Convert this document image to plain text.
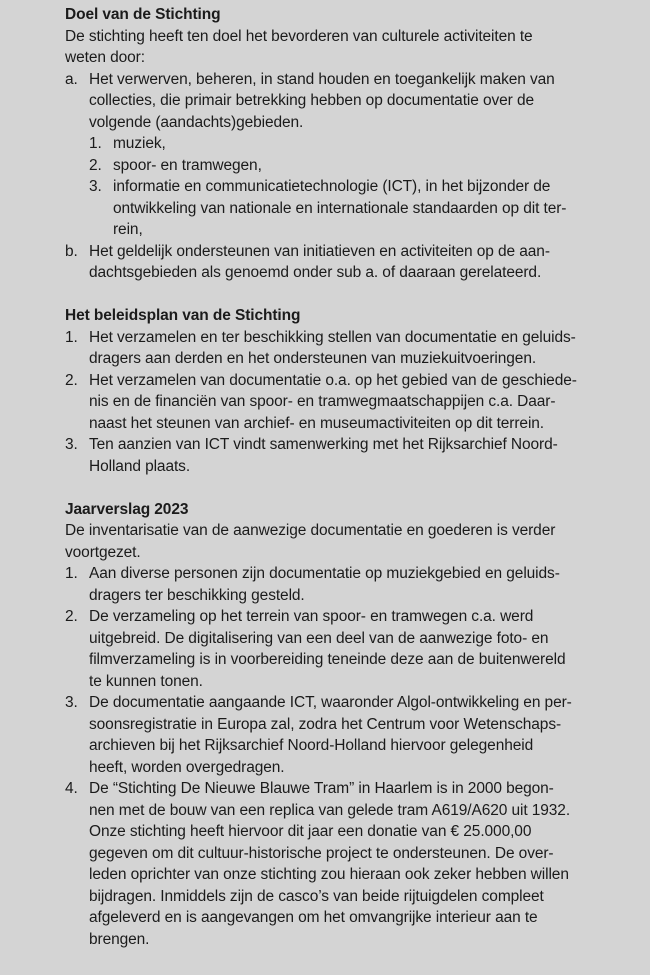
Doel van de Stichting
De stichting heeft ten doel het bevorderen van culturele activiteiten te
weten door:
a. Het verwerven, beheren, in stand houden en toegankelijk maken van
collecties, die primair betrekking hebben op documentatie over de
volgende (aandachts)gebieden.
1. muziek,
2. spoor- en tramwegen,
3. informatie en communicatietechnologie (ICT), in het bijzonder de
ontwikkeling van nationale en internationale standaarden op dit ter-
rein,
b. Het geldelijk ondersteunen van initiatieven en activiteiten op de aan-
dachtsgebieden als genoemd onder sub a. of daaraan gerelateerd.
Het beleidsplan van de Stichting
1. Het verzamelen en ter beschikking stellen van documentatie en geluids-
dragers aan derden en het ondersteunen van muziekuitvoeringen.
2. Het verzamelen van documentatie o.a. op het gebied van de geschiede-
nis en de financiën van spoor- en tramwegmaatschappijen c.a. Daar-
naast het steunen van archief- en museumactiviteiten op dit terrein.
3. Ten aanzien van ICT vindt samenwerking met het Rijksarchief Noord-
Holland plaats.
Jaarverslag 2023
De inventarisatie van de aanwezige documentatie en goederen is verder
voortgezet.
1. Aan diverse personen zijn documentatie op muziekgebied en geluids-
dragers ter beschikking gesteld.
2. De verzameling op het terrein van spoor- en tramwegen c.a. werd
uitgebreid. De digitalisering van een deel van de aanwezige foto- en
filmverzameling is in voorbereiding teneinde deze aan de buitenwereld
te kunnen tonen.
3. De documentatie aangaande ICT, waaronder Algol-ontwikkeling en per-
soonsregistratie in Europa zal, zodra het Centrum voor Wetenschaps-
archieven bij het Rijksarchief Noord-Holland hiervoor gelegenheid
heeft, worden overgedragen.
4. De “Stichting De Nieuwe Blauwe Tram” in Haarlem is in 2000 begon-
nen met de bouw van een replica van gelede tram A619/A620 uit 1932.
Onze stichting heeft hiervoor dit jaar een donatie van € 25.000,00
gegeven om dit cultuur-historische project te ondersteunen. De over-
leden oprichter van onze stichting zou hieraan ook zeker hebben willen
bijdragen. Inmiddels zijn de casco’s van beide rijtuigdelen compleet
afgeleverd en is aangevangen om het omvangrijke interieur aan te
brengen.
